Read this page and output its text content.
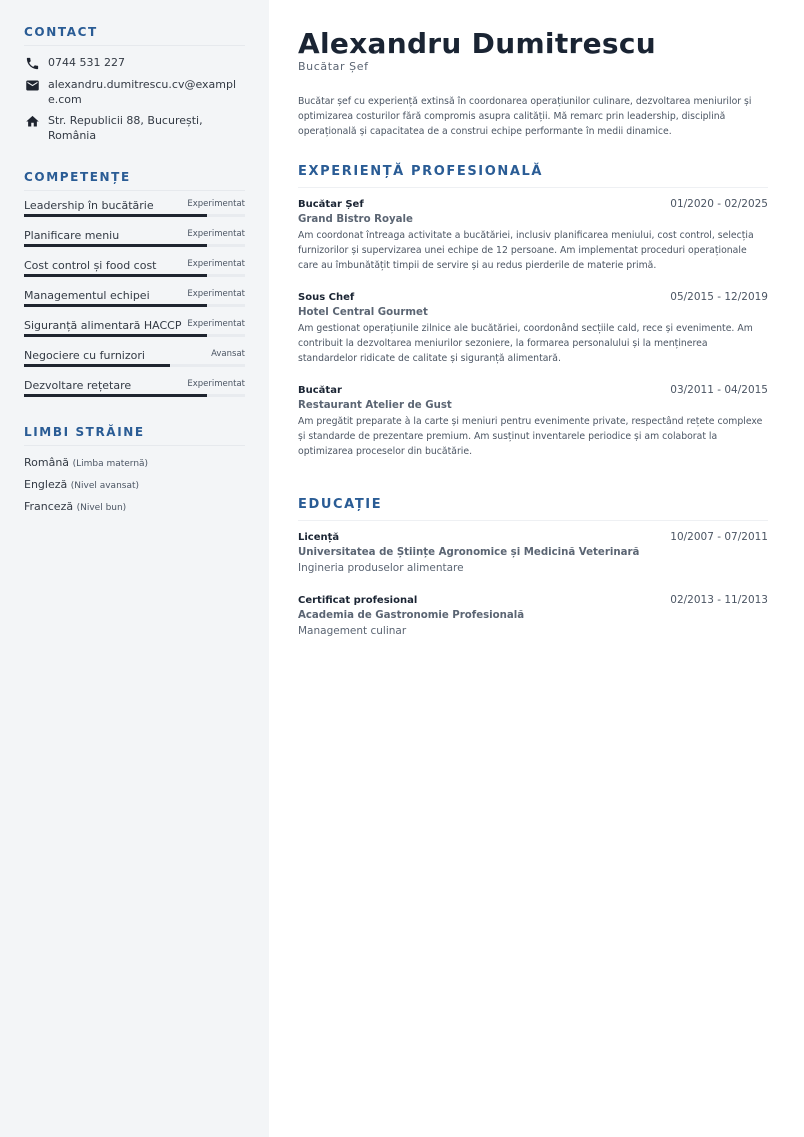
CONTACT
0744 531 227
alexandru.dumitrescu.cv@example.com
Str. Republicii 88, București, România
COMPETENȚE
Leadership în bucătărie	Experimentat
Planificare meniu	Experimentat
Cost control și food cost	Experimentat
Managementul echipei	Experimentat
Siguranță alimentară HACCP Experimentat
Negociere cu furnizori	Avansat
Dezvoltare rețetare	Experimentat
LIMBI STRĂINE
Română (Limba maternă)
Engleză (Nivel avansat)
Franceză (Nivel bun)
Alexandru Dumitrescu
Bucătar Șef

Bucătar șef cu experiență extinsă în coordonarea operațiunilor culinare, dezvoltarea meniurilor și optimizarea costurilor fără compromis asupra calității. Mă remarc prin leadership, disciplină operațională și capacitatea de a construi echipe performante în medii dinamice.

EXPERIENȚĂ PROFESIONALĂ
Bucătar Șef	01/2020 - 02/2025
Grand Bistro Royale

Am coordonat întreaga activitate a bucătăriei, inclusiv planificarea meniului, cost control, selecția furnizorilor și supervizarea unei echipe de 12 persoane. Am implementat proceduri operaționale care au îmbunătățit timpii de servire și au redus pierderile de materie primă.

Sous Chef	05/2015 - 12/2019
Hotel Central Gourmet

Am gestionat operațiunile zilnice ale bucătăriei, coordonând secțiile cald, rece și evenimente. Am contribuit la dezvoltarea meniurilor sezoniere, la formarea personalului și la menținerea standardelor ridicate de calitate și siguranță alimentară.

Bucătar	03/2011 - 04/2015
Restaurant Atelier de Gust

Am pregătit preparate à la carte și meniuri pentru evenimente private, respectând rețete complexe și standarde de prezentare premium. Am susținut inventarele periodice și am colaborat la optimizarea proceselor din bucătărie.

EDUCAȚIE
Licență	10/2007 - 07/2011
Universitatea de Științe Agronomice și Medicină Veterinară
Ingineria produselor alimentare
Certificat profesional	02/2013 - 11/2013
Academia de Gastronomie Profesională
Management culinar
